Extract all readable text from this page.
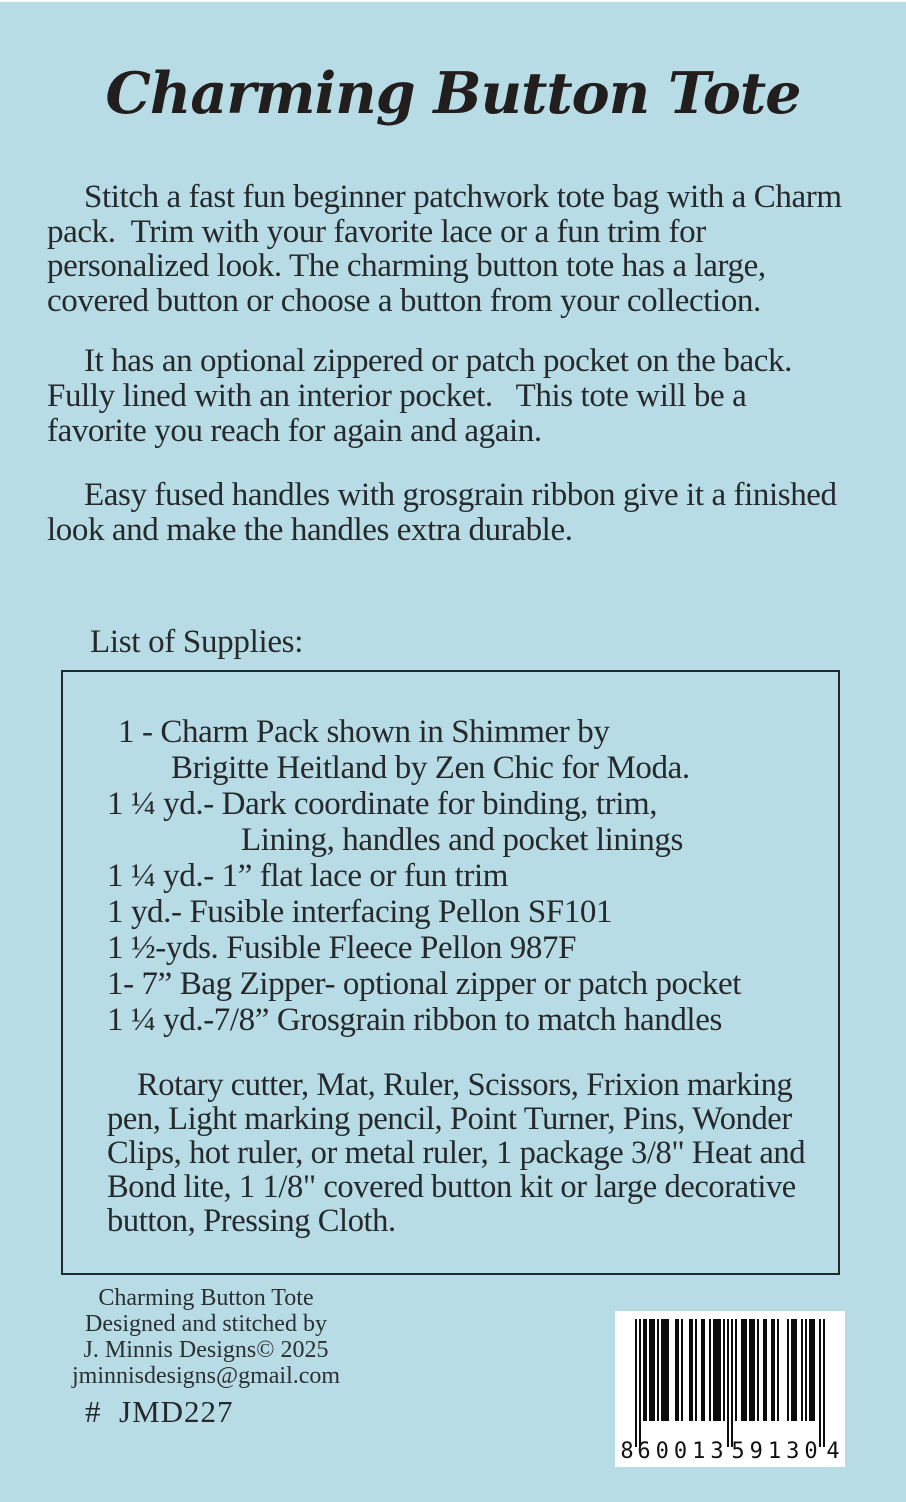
Charming Button Tote

Stitch a fast fun beginner patchwork tote bag with a Charm pack.  Trim with your favorite lace or a fun trim for personalized look. The charming button tote has a large, covered button or choose a button from your collection.

It has an optional zippered or patch pocket on the back.  Fully lined with an interior pocket.   This tote will be a favorite you reach for again and again.

Easy fused handles with grosgrain ribbon give it a finished look and make the handles extra durable.

List of Supplies:
1 - Charm Pack shown in Shimmer by
Brigitte Heitland by Zen Chic for Moda.
1 ¼ yd.- Dark coordinate for binding, trim,
Lining, handles and pocket linings
1 ¼ yd.- 1” flat lace or fun trim
1 yd.- Fusible interfacing Pellon SF101
1 ½-yds. Fusible Fleece Pellon 987F
1- 7” Bag Zipper- optional zipper or patch pocket
1 ¼ yd.-7/8” Grosgrain ribbon to match handles

Rotary cutter, Mat, Ruler, Scissors, Frixion marking pen, Light marking pencil, Point Turner, Pins, Wonder Clips, hot ruler, or metal ruler, 1 package 3/8" Heat and Bond lite, 1 1/8" covered button kit or large decorative button, Pressing Cloth.

Charming Button Tote
Designed and stitched by
J. Minnis Designs© 2025
jminnisdesigns@gmail.com
#  JMD227
8 60013 59130 4
